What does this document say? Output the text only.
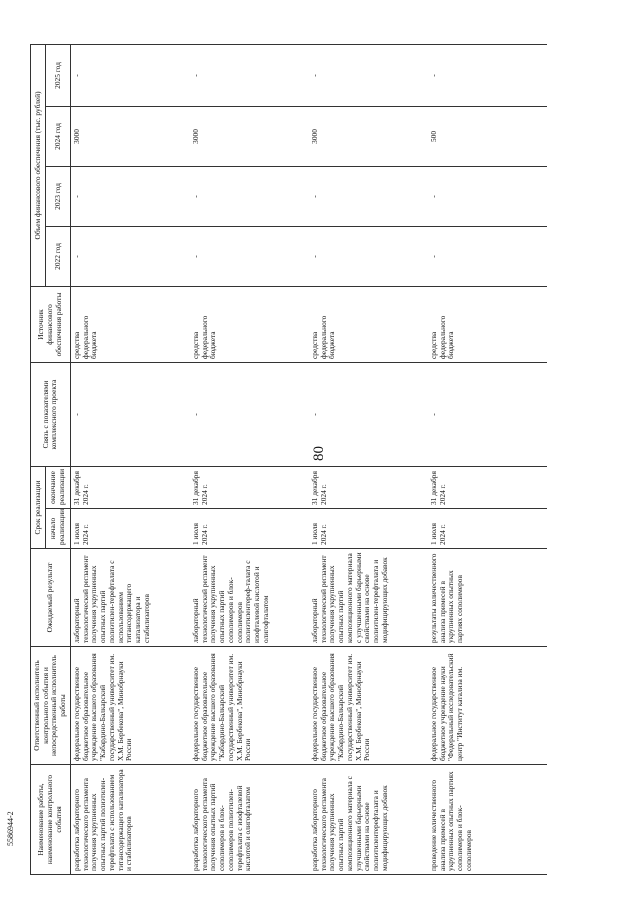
80
5586944-2	Наименование работы, наименование контрольного события	Ответственный исполнитель контрольного события и непосредственный исполнитель работы	Ожидаемый результат	Срок реализации		Связь с показателями комплексного проекта	Источник финансового обеспечения работы	Объем финансового обеспечения (тыс. рублей)			
			начало реализации	окончание реализации			2022 год	2023 год	2024 год	2025 год
разработка лабораторного технологического регламента получения укрупненных опытных партий полиэтилен-терефталата с использованием титансодержащего катализатора и стабилизаторов	федеральное государственное бюджетное образовательное учреждение высшего образования "Кабардино-Балкарский государственный университет им. Х.М. Бербекова", Минобрнауки России	лабораторный технологический регламент получения укрупненных опытных партий полиэтилен-терефталата с использованием титансодержащего катализатора и стабилизаторов	1 июля 2024 г.	31 декабря 2024 г.	-	средства федерального бюджета	-	-	3000	-
разработка лабораторного технологического регламента получения опытных партий сополимеров и блок-сополимеров полиэтилен-терефталата с изофталевой кислотой и олигофталатом	федеральное государственное бюджетное образовательное учреждение высшего образования "Кабардино-Балкарский государственный университет им. Х.М. Бербекова", Минобрнауки России	лабораторный технологический регламент получения укрупненных опытных партий сополимеров и блок-сополимеров полиэтилентереф-талата с изофталевой кислотой и олигофталатом	1 июля 2024 г.	31 декабря 2024 г.	-	средства федерального бюджета	-	-	3000	-
разработка лабораторного технологического регламента получения укрупненных опытных партий композиционного материала с улучшенными барьерными свойствами на основе полиэтилентерефталата и модифицирующих добавок	федеральное государственное бюджетное образовательное учреждение высшего образования "Кабардино-Балкарский государственный университет им. Х.М. Бербекова", Минобрнауки России	лабораторный технологический регламент получения укрупненных опытных партий композиционного материала с улучшенными барьерными свойствами на основе полиэтилен-терефталата и модифицирующих добавок	1 июля 2024 г.	31 декабря 2024 г.	-	средства федерального бюджета	-	-	3000	-
проведение количественного анализа примесей в укрупненных опытных партиях сополимеров и блок-сополимеров	федеральное государственное бюджетное учреждение науки "Федеральный исследовательский центр "Институт катализа им.	результаты количественного анализа примесей в укрупненных опытных партиях сополимеров	1 июля 2024 г.	31 декабря 2024 г.	-	средства федерального бюджета	-	-	500	-
